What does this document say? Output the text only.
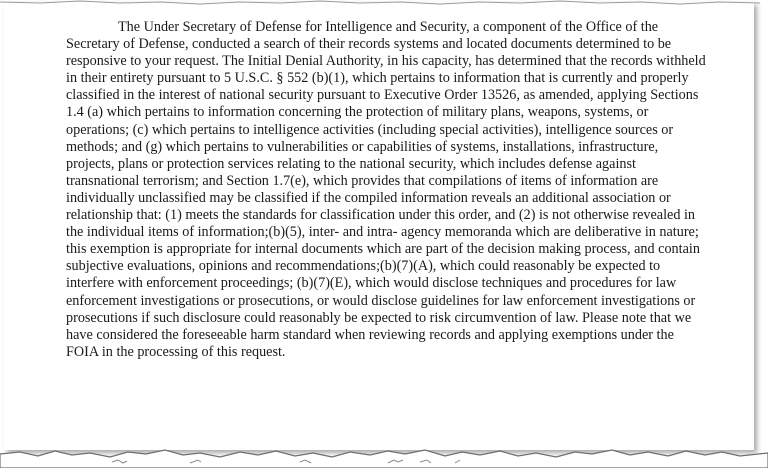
The Under Secretary of Defense for Intelligence and Security, a component of the Office of the Secretary of Defense, conducted a search of their records systems and located documents determined to be responsive to your request. The Initial Denial Authority, in his capacity, has determined that the records withheld in their entirety pursuant to 5 U.S.C. § 552 (b)(1), which pertains to information that is currently and properly classified in the interest of national security pursuant to Executive Order 13526, as amended, applying Sections 1.4 (a) which pertains to information concerning the protection of military plans, weapons, systems, or operations; (c) which pertains to intelligence activities (including special activities), intelligence sources or methods; and (g) which pertains to vulnerabilities or capabilities of systems, installations, infrastructure, projects, plans or protection services relating to the national security, which includes defense against transnational terrorism; and Section 1.7(e), which provides that compilations of items of information are individually unclassified may be classified if the compiled information reveals an additional association or relationship that: (1) meets the standards for classification under this order, and (2) is not otherwise revealed in the individual items of information;(b)(5), inter- and intra- agency memoranda which are deliberative in nature; this exemption is appropriate for internal documents which are part of the decision making process, and contain subjective evaluations, opinions and recommendations;(b)(7)(A), which could reasonably be expected to interfere with enforcement proceedings; (b)(7)(E), which would disclose techniques and procedures for law enforcement investigations or prosecutions, or would disclose guidelines for law enforcement investigations or prosecutions if such disclosure could reasonably be expected to risk circumvention of law. Please note that we have considered the foreseeable harm standard when reviewing records and applying exemptions under the FOIA in the processing of this request.
